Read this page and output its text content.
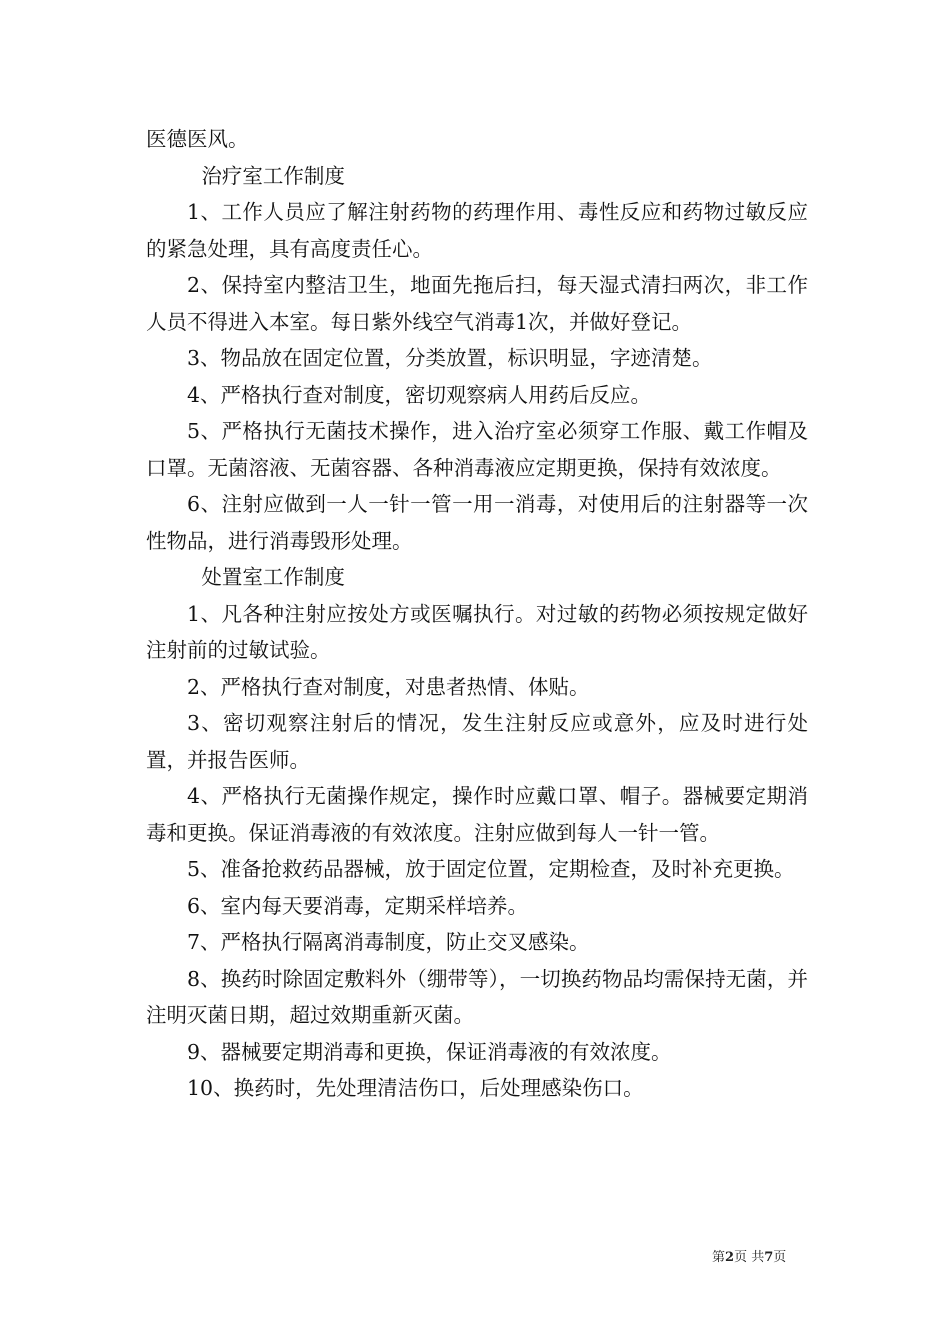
医德医风。

治疗室工作制度

1、工作人员应了解注射药物的药理作用、毒性反应和药物过敏反应的紧急处理，具有高度责任心。

2、保持室内整洁卫生，地面先拖后扫，每天湿式清扫两次，非工作人员不得进入本室。每日紫外线空气消毒1次，并做好登记。

3、物品放在固定位置，分类放置，标识明显，字迹清楚。

4、严格执行查对制度，密切观察病人用药后反应。

5、严格执行无菌技术操作，进入治疗室必须穿工作服、戴工作帽及口罩。无菌溶液、无菌容器、各种消毒液应定期更换，保持有效浓度。

6、注射应做到一人一针一管一用一消毒，对使用后的注射器等一次性物品，进行消毒毁形处理。

处置室工作制度

1、凡各种注射应按处方或医嘱执行。对过敏的药物必须按规定做好注射前的过敏试验。

2、严格执行查对制度，对患者热情、体贴。

3、密切观察注射后的情况，发生注射反应或意外，应及时进行处置，并报告医师。

4、严格执行无菌操作规定，操作时应戴口罩、帽子。器械要定期消毒和更换。保证消毒液的有效浓度。注射应做到每人一针一管。

5、准备抢救药品器械，放于固定位置，定期检查，及时补充更换。

6、室内每天要消毒，定期采样培养。

7、严格执行隔离消毒制度，防止交叉感染。

8、换药时除固定敷料外（绷带等），一切换药物品均需保持无菌，并注明灭菌日期，超过效期重新灭菌。

9、器械要定期消毒和更换，保证消毒液的有效浓度。

10、换药时，先处理清洁伤口，后处理感染伤口。

第2页 共7页
